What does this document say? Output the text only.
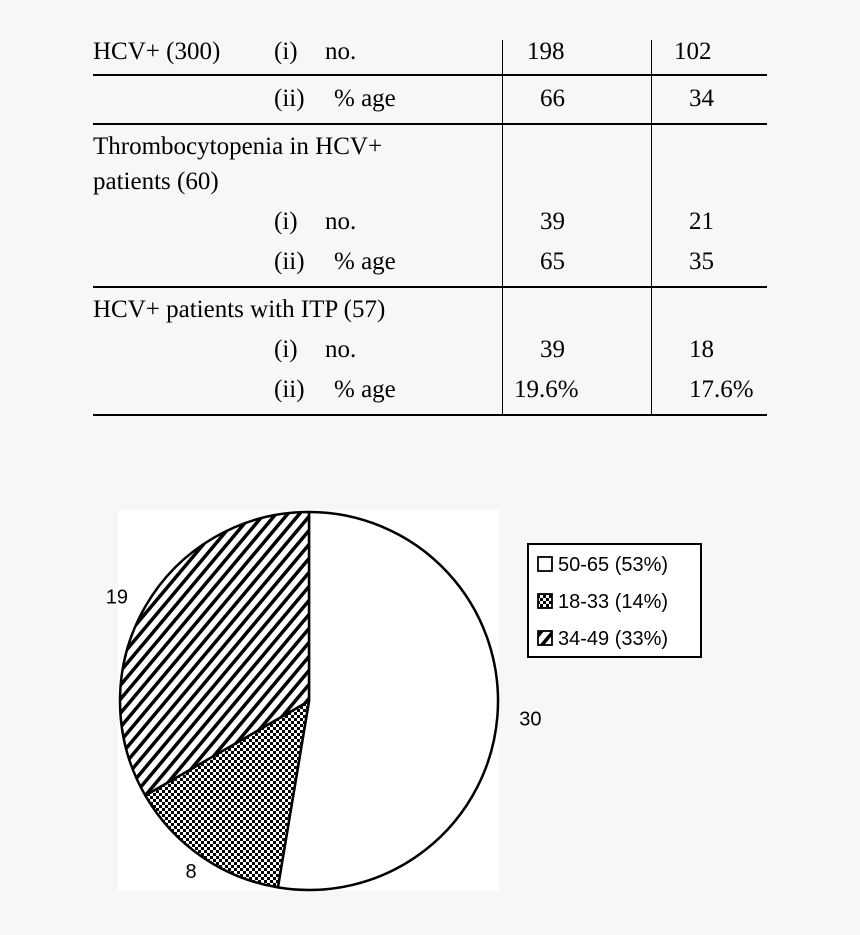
HCV+ (300) (i) no.	198	102
(ii) % age	66	34
Thrombocytopenia in HCV+
patients (60)
(i) no.	39	21
(ii) % age	65	35
HCV+ patients with ITP (57)
(i) no.	39	18
(ii) % age	19.6%	17.6%
30
8
19
50-65 (53%)
18-33 (14%)
34-49 (33%)
